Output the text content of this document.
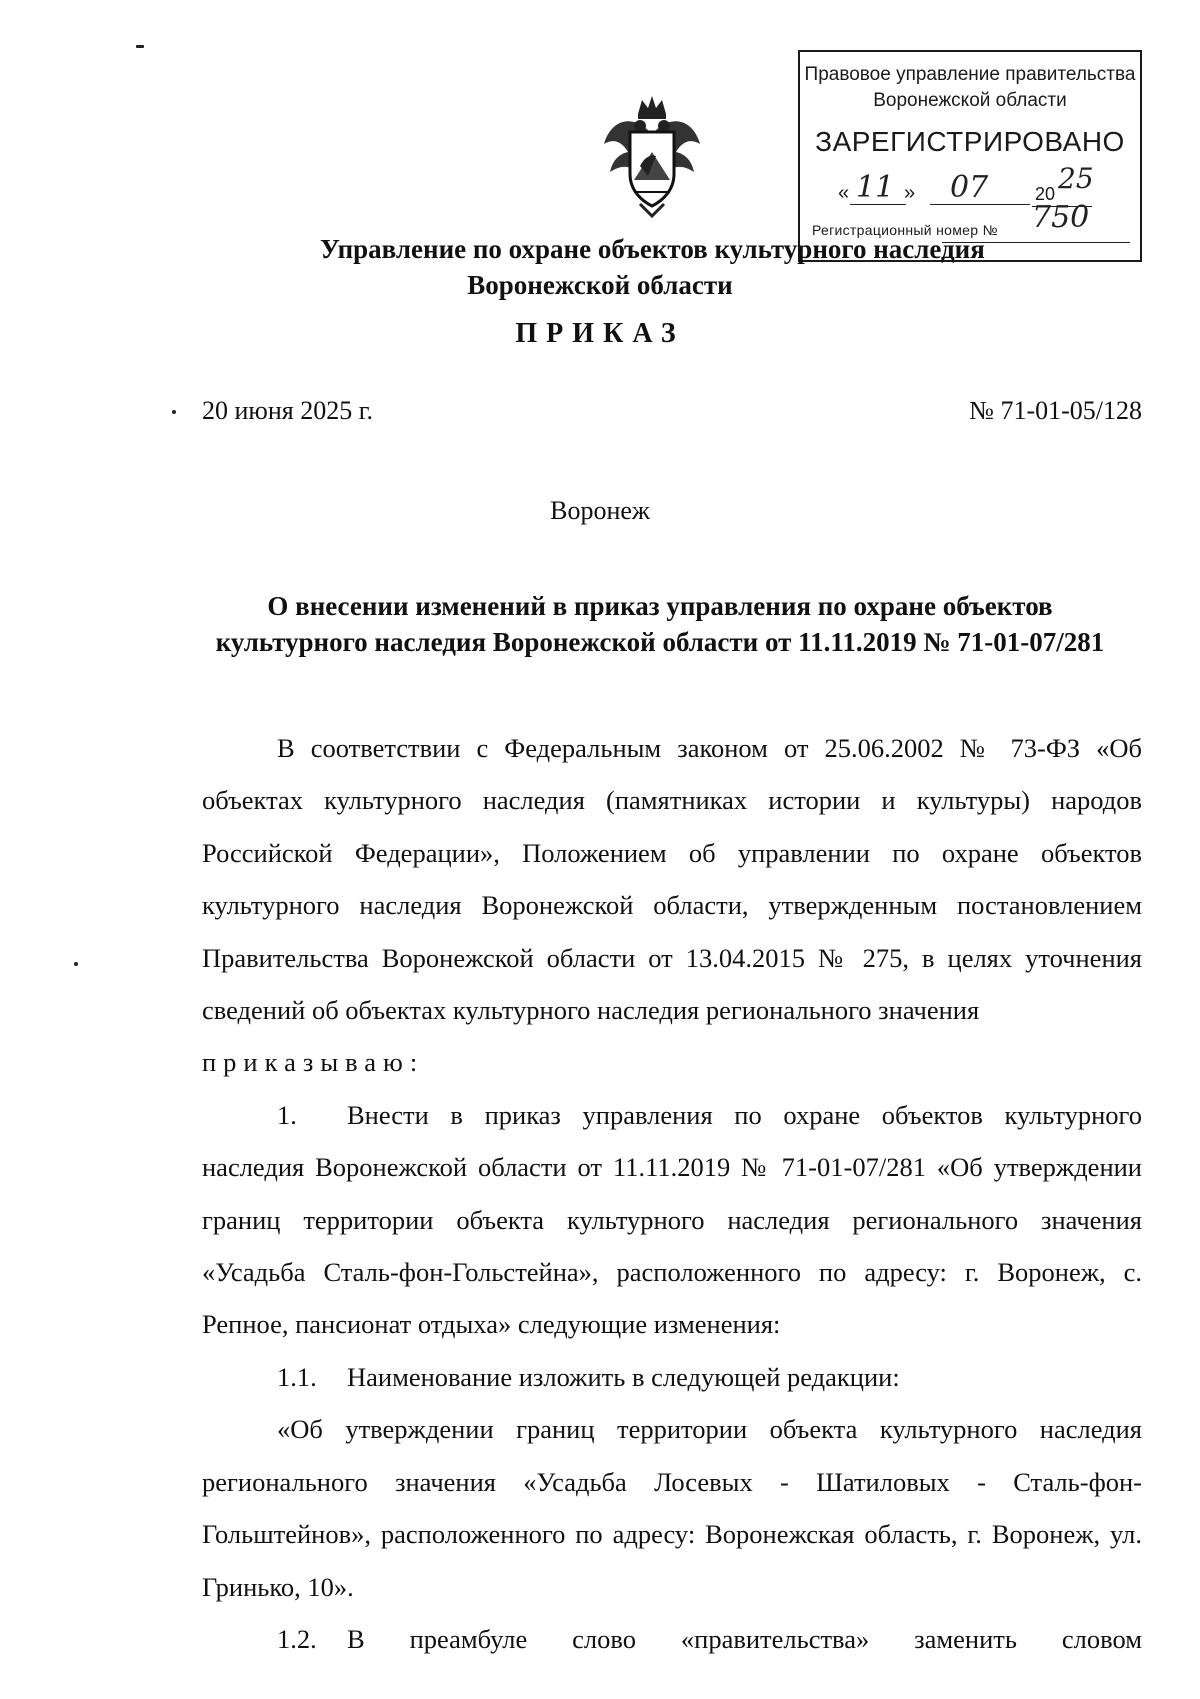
Правовое управление правительства
Воронежской области
ЗАРЕГИСТРИРОВАНО
« 11 » 07	20 25
Регистрационный номер № 750
Управление по охране объектов культурного наследия
Воронежской области
ПРИКАЗ
20 июня 2025 г.	№ 71-01-05/128
Воронеж
О внесении изменений в приказ управления по охране объектов
культурного наследия Воронежской области от 11.11.2019 № 71-01-07/281

В соответствии с Федеральным законом от 25.06.2002 № 73-ФЗ «Об объектах культурного наследия (памятниках истории и культуры) народов Российской Федерации», Положением об управлении по охране объектов культурного наследия Воронежской области, утвержденным постановлением Правительства Воронежской области от 13.04.2015 № 275, в целях уточнения сведений об объектах культурного наследия регионального значения

приказываю:

1. Внести в приказ управления по охране объектов культурного наследия Воронежской области от 11.11.2019 № 71-01-07/281 «Об утверждении границ территории объекта культурного наследия регионального значения «Усадьба Сталь-фон-Гольстейна», расположенного по адресу: г. Воронеж, с. Репное, пансионат отдыха» следующие изменения:

1.1. Наименование изложить в следующей редакции:

«Об утверждении границ территории объекта культурного наследия регионального значения «Усадьба Лосевых - Шатиловых - Сталь-фон-Гольштейнов», расположенного по адресу: Воронежская область, г. Воронеж, ул. Гринько, 10».

1.2. В преамбуле слово «правительства» заменить словом
